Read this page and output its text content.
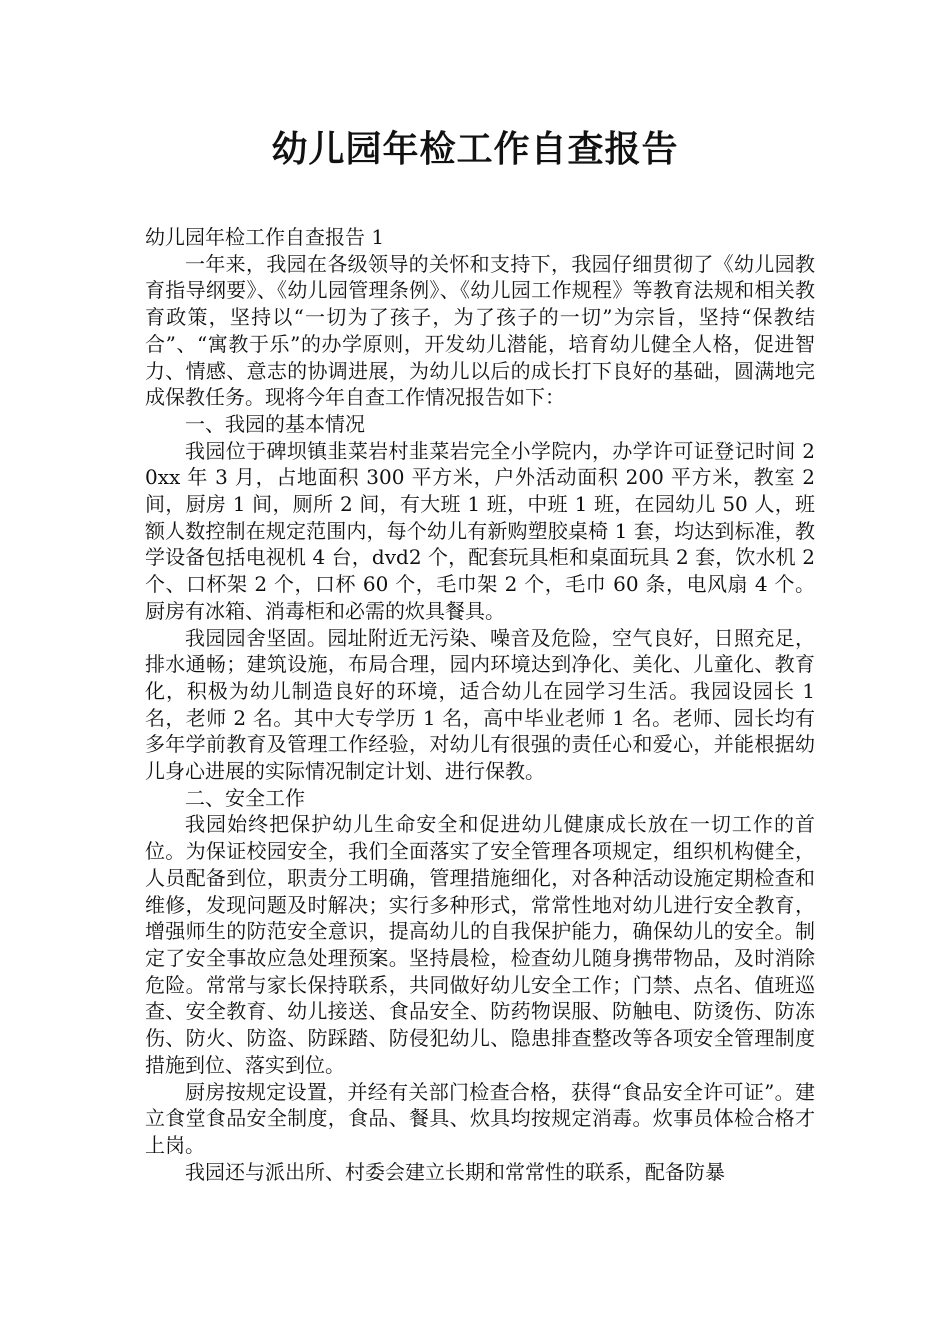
幼儿园年检工作自查报告

幼儿园年检工作自查报告 1

一年来，我园在各级领导的关怀和支持下，我园仔细贯彻了《幼儿园教育指导纲要》、《幼儿园管理条例》、《幼儿园工作规程》等教育法规和相关教育政策，坚持以“一切为了孩子，为了孩子的一切”为宗旨，坚持“保教结合”、“寓教于乐”的办学原则，开发幼儿潜能，培育幼儿健全人格，促进智力、情感、意志的协调进展，为幼儿以后的成长打下良好的基础，圆满地完成保教任务。现将今年自查工作情况报告如下：

一、我园的基本情况

我园位于碑坝镇韭菜岩村韭菜岩完全小学院内，办学许可证登记时间 20xx 年 3 月，占地面积 300 平方米，户外活动面积 200 平方米，教室 2 间，厨房 1 间，厕所 2 间，有大班 1 班，中班 1 班，在园幼儿 50 人，班额人数控制在规定范围内，每个幼儿有新购塑胶桌椅 1 套，均达到标准，教学设备包括电视机 4 台，dvd2 个，配套玩具柜和桌面玩具 2 套，饮水机 2 个、口杯架 2 个，口杯 60 个，毛巾架 2 个，毛巾 60 条，电风扇 4 个。厨房有冰箱、消毒柜和必需的炊具餐具。

我园园舍坚固。园址附近无污染、噪音及危险，空气良好，日照充足，排水通畅；建筑设施，布局合理，园内环境达到净化、美化、儿童化、教育化，积极为幼儿制造良好的环境，适合幼儿在园学习生活。我园设园长 1 名，老师 2 名。其中大专学历 1 名，高中毕业老师 1 名。老师、园长均有多年学前教育及管理工作经验，对幼儿有很强的责任心和爱心，并能根据幼儿身心进展的实际情况制定计划、进行保教。

二、安全工作

我园始终把保护幼儿生命安全和促进幼儿健康成长放在一切工作的首位。为保证校园安全，我们全面落实了安全管理各项规定，组织机构健全，人员配备到位，职责分工明确，管理措施细化，对各种活动设施定期检查和维修，发现问题及时解决；实行多种形式，常常性地对幼儿进行安全教育，增强师生的防范安全意识，提高幼儿的自我保护能力，确保幼儿的安全。制定了安全事故应急处理预案。坚持晨检，检查幼儿随身携带物品，及时消除危险。常常与家长保持联系，共同做好幼儿安全工作；门禁、点名、值班巡查、安全教育、幼儿接送、食品安全、防药物误服、防触电、防烫伤、防冻伤、防火、防盗、防踩踏、防侵犯幼儿、隐患排查整改等各项安全管理制度措施到位、落实到位。

厨房按规定设置，并经有关部门检查合格，获得“食品安全许可证”。建立食堂食品安全制度，食品、餐具、炊具均按规定消毒。炊事员体检合格才上岗。

我园还与派出所、村委会建立长期和常常性的联系，配备防暴
